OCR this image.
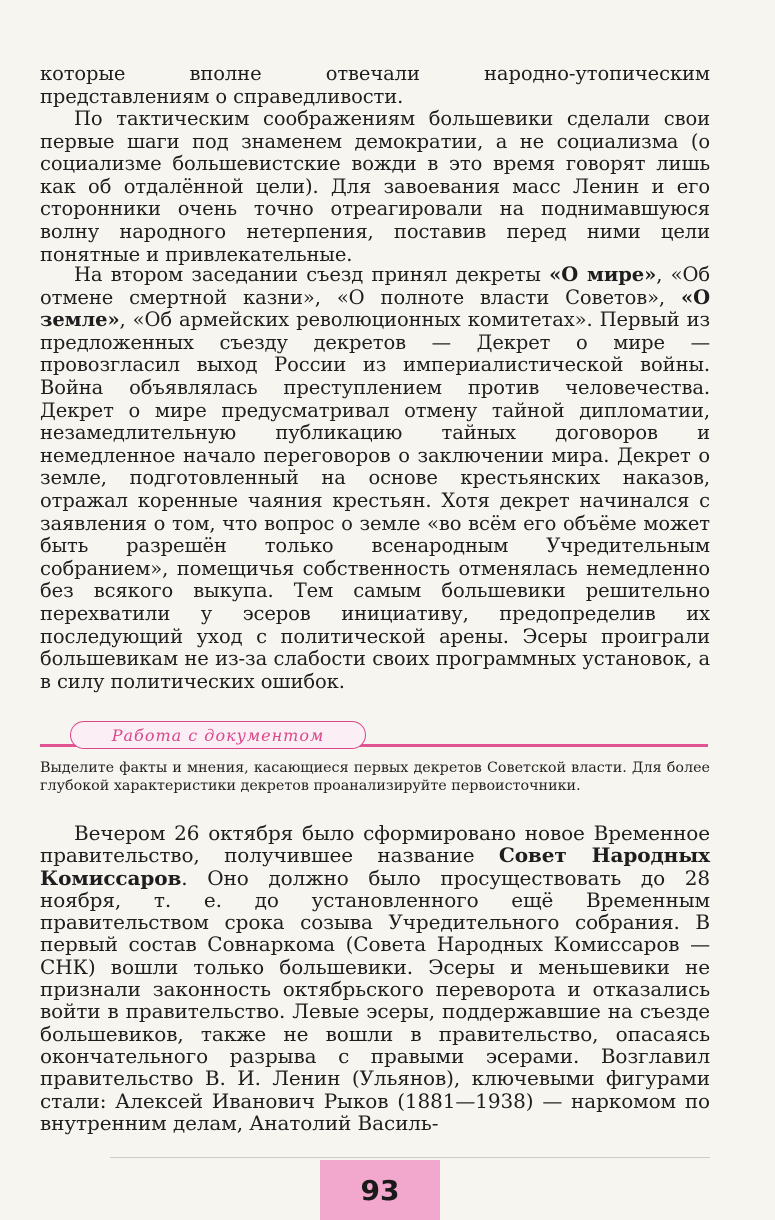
которые вполне отвечали народно-утопическим представлениям о справедливости.

По тактическим соображениям большевики сделали свои первые шаги под знаменем демократии, а не социализма (о социализме большевистские вожди в это время говорят лишь как об отдалённой цели). Для завоевания масс Ленин и его сторонники очень точно отреагировали на поднимавшуюся волну народного нетерпения, поставив перед ними цели понятные и привлекательные.

На втором заседании съезд принял декреты «О мире», «Об отмене смертной казни», «О полноте власти Советов», «О земле», «Об армейских революционных комитетах». Первый из предложенных съезду декретов — Декрет о мире — провозгласил выход России из империалистической войны. Война объявлялась преступлением против человечества. Декрет о мире предусматривал отмену тайной дипломатии, незамедлительную публикацию тайных договоров и немедленное начало переговоров о заключении мира. Декрет о земле, подготовленный на основе крестьянских наказов, отражал коренные чаяния крестьян. Хотя декрет начинался с заявления о том, что вопрос о земле «во всём его объёме может быть разрешён только всенародным Учредительным собранием», помещичья собственность отменялась немедленно без всякого выкупа. Тем самым большевики решительно перехватили у эсеров инициативу, предопределив их последующий уход с политической арены. Эсеры проиграли большевикам не из-за слабости своих программных установок, а в силу политических ошибок.

Работа с документом

Выделите факты и мнения, касающиеся первых декретов Советской власти. Для более глубокой характеристики декретов проанализируйте первоисточники.

Вечером 26 октября было сформировано новое Временное правительство, получившее название Совет Народных Комиссаров. Оно должно было просуществовать до 28 ноября, т. е. до установленного ещё Временным правительством срока созыва Учредительного собрания. В первый состав Совнаркома (Совета Народных Комиссаров — СНК) вошли только большевики. Эсеры и меньшевики не признали законность октябрьского переворота и отказались войти в правительство. Левые эсеры, поддержавшие на съезде большевиков, также не вошли в правительство, опасаясь окончательного разрыва с правыми эсерами. Возглавил правительство В. И. Ленин (Ульянов), ключевыми фигурами стали: Алексей Иванович Рыков (1881—1938) — наркомом по внутренним делам, Анатолий Василь-

93
